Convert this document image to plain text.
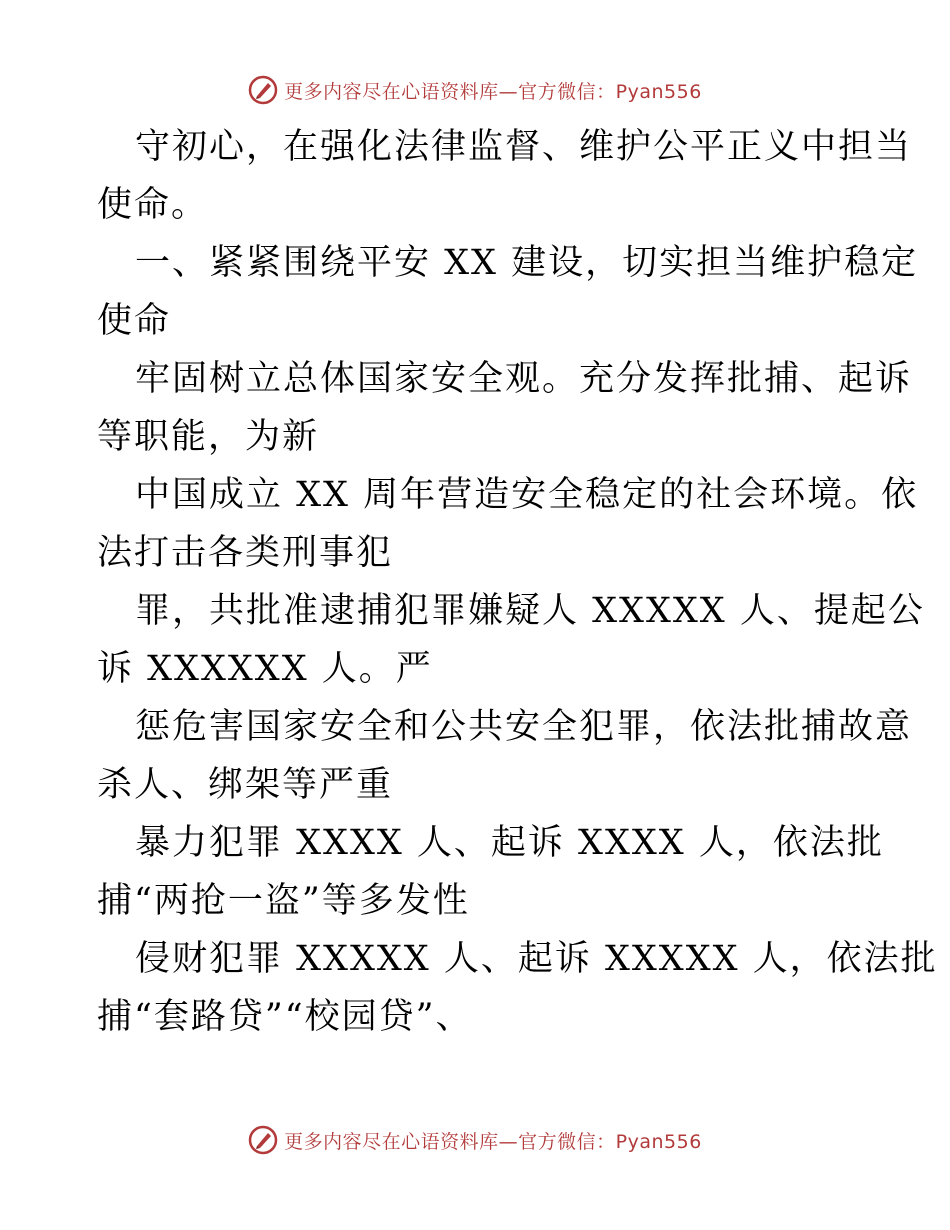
更多内容尽在心语资料库—官方微信：Pyan556
守初心，在强化法律监督、维护公平正义中担当
使命。
一、紧紧围绕平安 XX 建设，切实担当维护稳定
使命
牢固树立总体国家安全观。充分发挥批捕、起诉
等职能，为新
中国成立 XX 周年营造安全稳定的社会环境。依
法打击各类刑事犯
罪，共批准逮捕犯罪嫌疑人 XXXXX 人、提起公
诉 XXXXXX 人。严
惩危害国家安全和公共安全犯罪，依法批捕故意
杀人、绑架等严重
暴力犯罪 XXXX 人、起诉 XXXX 人，依法批
捕“两抢一盗”等多发性
侵财犯罪 XXXXX 人、起诉 XXXXX 人，依法批
捕“套路贷”“校园贷”、
更多内容尽在心语资料库—官方微信：Pyan556
